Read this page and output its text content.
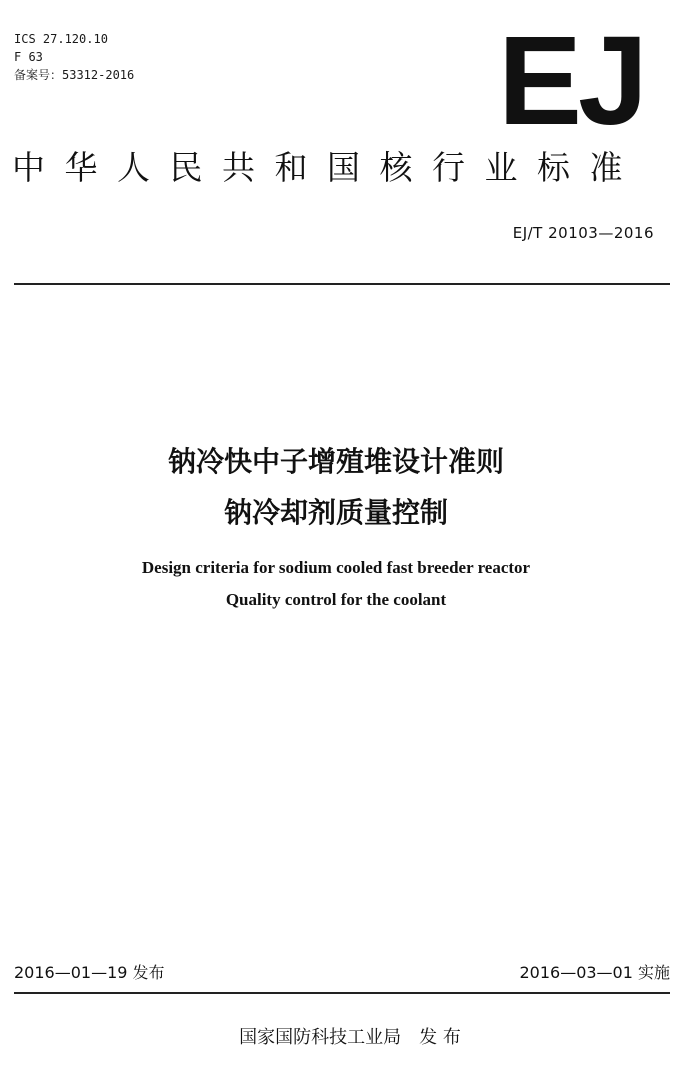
ICS 27.120.10
F 63
备案号：53312-2016	EJ
中华人民共和国核行业标准
EJ/T 20103—2016
钠冷快中子增殖堆设计准则
钠冷却剂质量控制
Design criteria for sodium cooled fast breeder reactor
Quality control for the coolant
2016—01—19 发布	2016—03—01 实施
国家国防科技工业局 发 布
